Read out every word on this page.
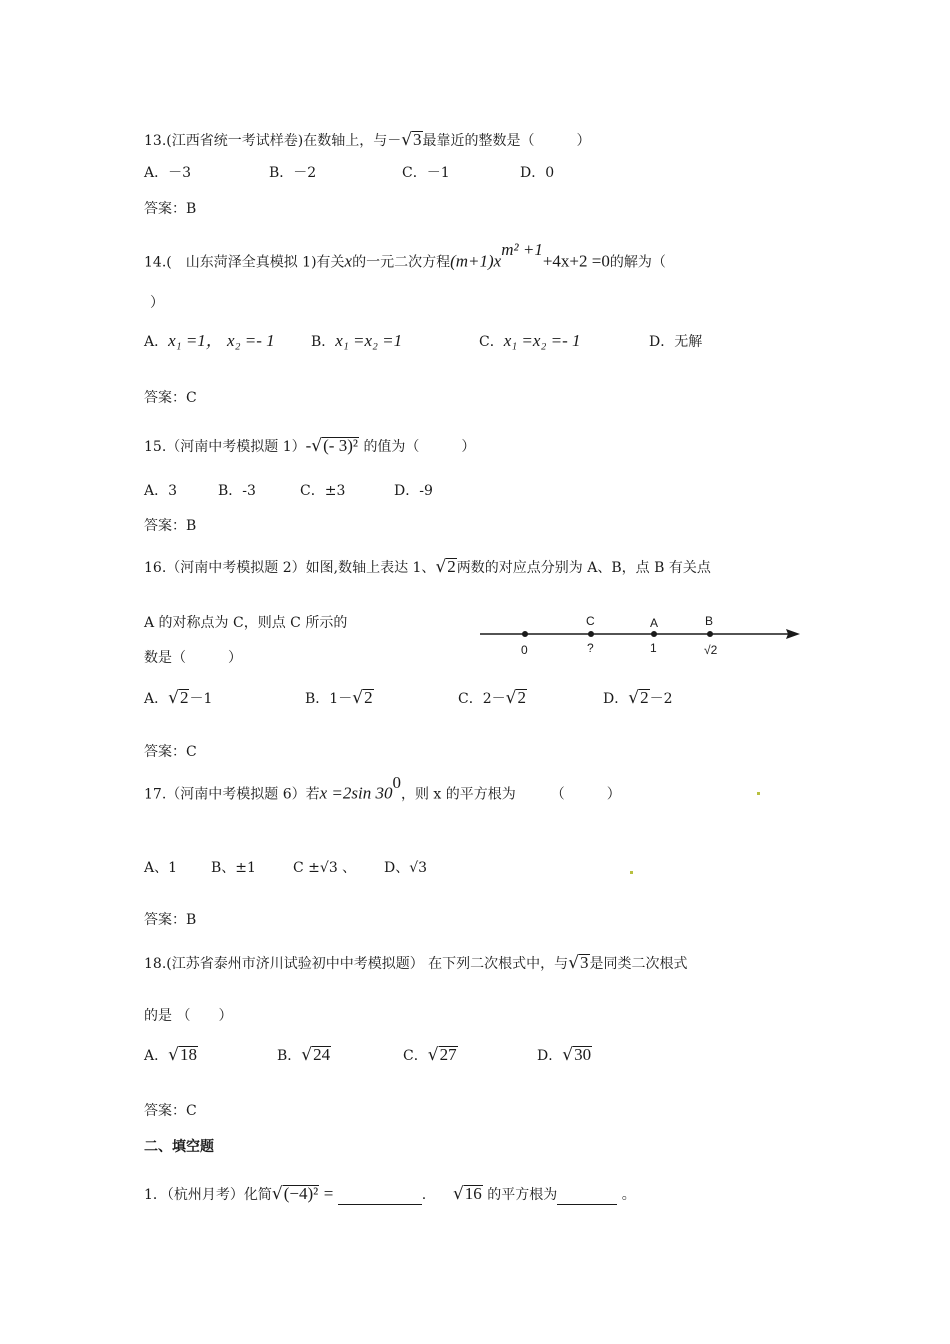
13.(江西省统一考试样卷)在数轴上，与－√3最靠近的整数是（　　　）
A．－3	B．－2	C．－1	D．0
答案：B
14.(　山东菏泽全真模拟 1)有关x的一元二次方程$(m+1)x^{m^2 +1}+4x+2 =0$的解为（
）
A．x₁ =1， x₂ =- 1	B．x₁ =x₂ =1	C．x₁ =x₂ =- 1	D．无解
答案：C
15.（河南中考模拟题 1）-√(- 3)² 的值为（　　　）
A．3	B．-3	C．±3	D．-9
答案：B
16.（河南中考模拟题 2）如图,数轴上表达 1、√2两数的对应点分别为 A、B，点 B 有关点
A 的对称点为 C，则点 C 所示的
数是（　　　）
C	A	B
0	?	1	√2
A．√2－1	B．1－√2	C．2－√2	D．√2－2
答案：C
17.（河南中考模拟题 6）若x =2sin $30^0$，则 x 的平方根为　　　（　　　）
A、1 B、±1	C ±√3 、 D、√3
答案：B
18.(江苏省泰州市济川试验初中中考模拟题） 在下列二次根式中，与√3是同类二次根式
的是 （　　）
A．√18	B．√24	C．√27	D．√30
答案：C
二、填空题
1．（杭州月考）化简√(−4)² =	. √16 的平方根为	。
